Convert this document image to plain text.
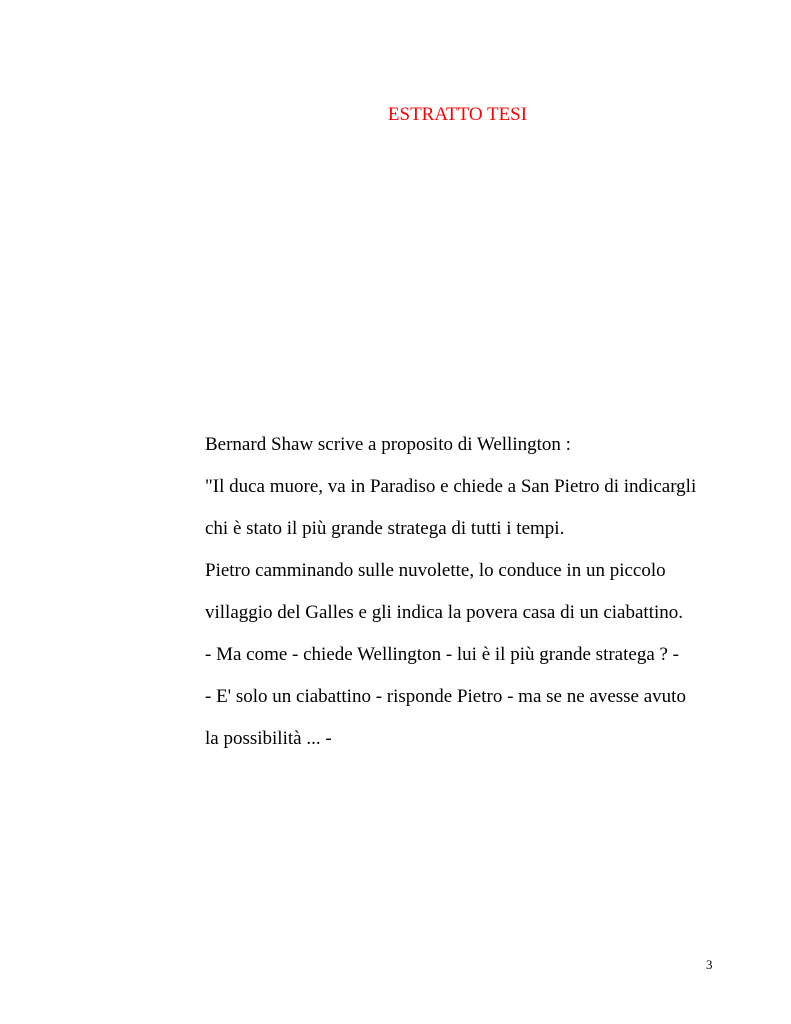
ESTRATTO TESI
Bernard Shaw scrive a proposito di Wellington :
"Il duca muore, va in Paradiso e chiede a San Pietro di indicargli
chi è stato il più grande stratega di tutti i tempi.
Pietro camminando sulle nuvolette, lo conduce in un piccolo
villaggio del Galles e gli indica la povera casa di un ciabattino.
- Ma come - chiede Wellington - lui è il più grande stratega ? -
- E' solo un ciabattino - risponde Pietro - ma se ne avesse avuto
la possibilità ... -
3
